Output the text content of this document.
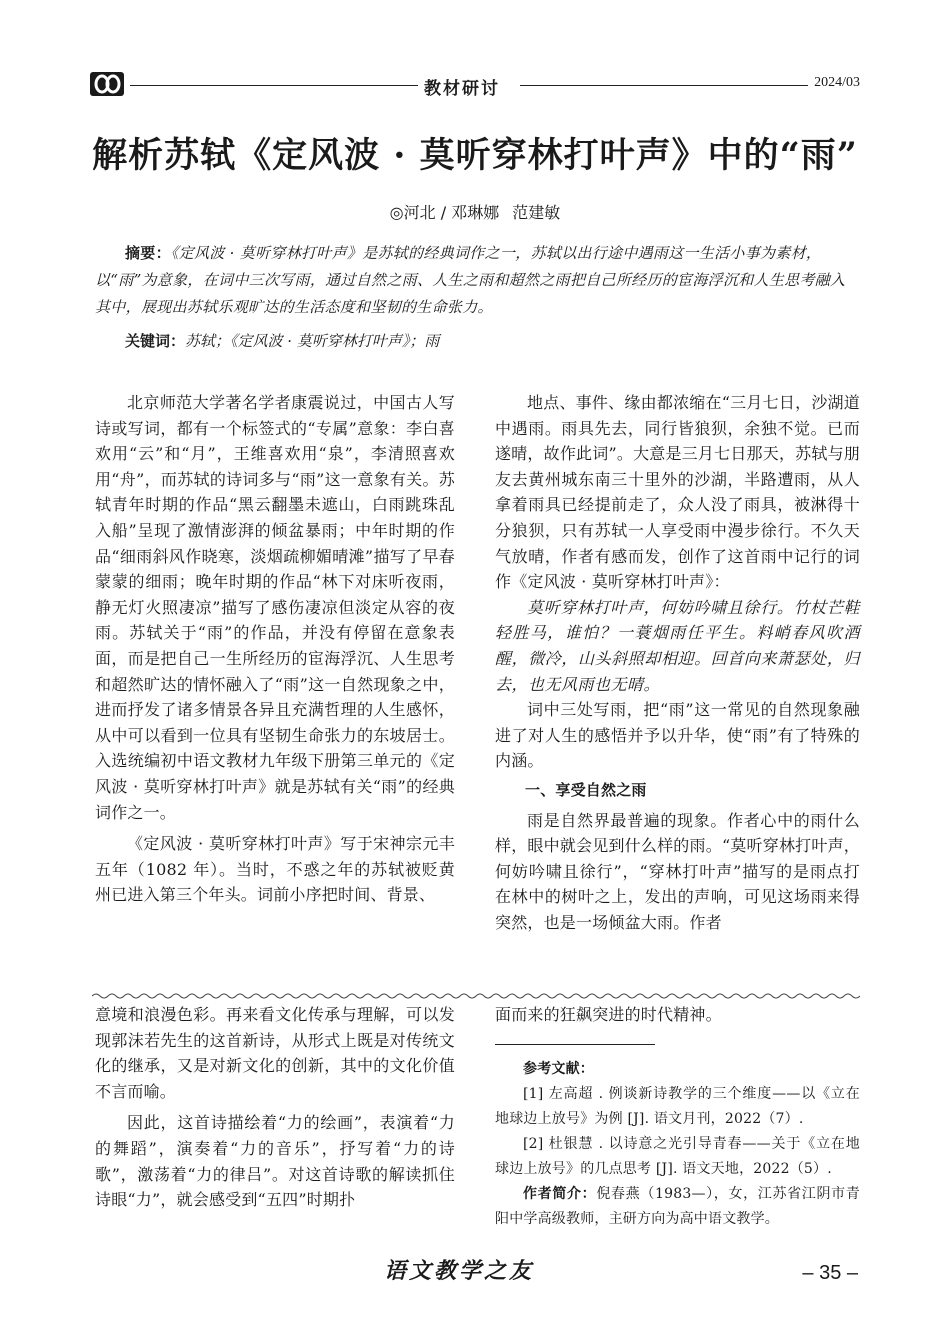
教材研讨	2024/03
解析苏轼《定风波 · 莫听穿林打叶声》中的“雨”
◎河北 / 邓琳娜 范建敏
摘要：《定风波 · 莫听穿林打叶声》是苏轼的经典词作之一，苏轼以出行途中遇雨这一生活小事为素材，以“雨”为意象，在词中三次写雨，通过自然之雨、人生之雨和超然之雨把自己所经历的宦海浮沉和人生思考融入其中，展现出苏轼乐观旷达的生活态度和坚韧的生命张力。
关键词：苏轼；《定风波 · 莫听穿林打叶声》；雨

北京师范大学著名学者康震说过，中国古人写诗或写词，都有一个标签式的“专属”意象：李白喜欢用“云”和“月”，王维喜欢用“泉”，李清照喜欢用“舟”，而苏轼的诗词多与“雨”这一意象有关。苏轼青年时期的作品“黑云翻墨未遮山，白雨跳珠乱入船”呈现了激情澎湃的倾盆暴雨；中年时期的作品“细雨斜风作晓寒，淡烟疏柳媚晴滩”描写了早春蒙蒙的细雨；晚年时期的作品“林下对床听夜雨，静无灯火照凄凉”描写了感伤凄凉但淡定从容的夜雨。苏轼关于“雨”的作品，并没有停留在意象表面，而是把自己一生所经历的宦海浮沉、人生思考和超然旷达的情怀融入了“雨”这一自然现象之中，进而抒发了诸多情景各异且充满哲理的人生感怀，从中可以看到一位具有坚韧生命张力的东坡居士。入选统编初中语文教材九年级下册第三单元的《定风波 · 莫听穿林打叶声》就是苏轼有关“雨”的经典词作之一。

《定风波 · 莫听穿林打叶声》写于宋神宗元丰五年（1082 年）。当时，不惑之年的苏轼被贬黄州已进入第三个年头。词前小序把时间、背景、

地点、事件、缘由都浓缩在“三月七日，沙湖道中遇雨。雨具先去，同行皆狼狈，余独不觉。已而遂晴，故作此词”。大意是三月七日那天，苏轼与朋友去黄州城东南三十里外的沙湖，半路遭雨，从人拿着雨具已经提前走了，众人没了雨具，被淋得十分狼狈，只有苏轼一人享受雨中漫步徐行。不久天气放晴，作者有感而发，创作了这首雨中记行的词作《定风波 · 莫听穿林打叶声》：

莫听穿林打叶声，何妨吟啸且徐行。竹杖芒鞋轻胜马，谁怕？一蓑烟雨任平生。料峭春风吹酒醒，微冷，山头斜照却相迎。回首向来萧瑟处，归去，也无风雨也无晴。

词中三处写雨，把“雨”这一常见的自然现象融进了对人生的感悟并予以升华，使“雨”有了特殊的内涵。

一、享受自然之雨

雨是自然界最普遍的现象。作者心中的雨什么样，眼中就会见到什么样的雨。“莫听穿林打叶声，何妨吟啸且徐行”，“穿林打叶声”描写的是雨点打在林中的树叶之上，发出的声响，可见这场雨来得突然，也是一场倾盆大雨。作者

意境和浪漫色彩。再来看文化传承与理解，可以发现郭沫若先生的这首新诗，从形式上既是对传统文化的继承，又是对新文化的创新，其中的文化价值不言而喻。

因此，这首诗描绘着“力的绘画”，表演着“力的舞蹈”，演奏着“力的音乐”，抒写着“力的诗歌”，激荡着“力的律吕”。对这首诗歌的解读抓住诗眼“力”，就会感受到“五四”时期扑

面而来的狂飙突进的时代精神。

参考文献：

[1] 左高超 . 例谈新诗教学的三个维度——以《立在地球边上放号》为例 [J]. 语文月刊，2022（7）.

[2] 杜银慧 . 以诗意之光引导青春——关于《立在地球边上放号》的几点思考 [J]. 语文天地，2022（5）.

作者简介：倪春燕（1983—），女，江苏省江阴市青阳中学高级教师，主研方向为高中语文教学。

语文教学之友	– 35 –
